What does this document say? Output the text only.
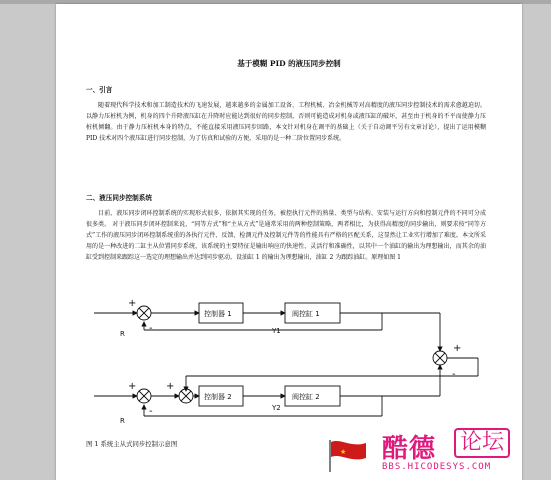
基于模糊 PID 的液压同步控制
一、引言
随着现代科学技术和加工制造技术的飞速发展，越来越多的金属加工设备、工程机械、冶金机械等对高精度的液压同步控制技术的需求愈越迫切。以静力压桩机为例，机身的四个升降液压缸在升降时应能达到很好的同步控制，否则可能造成对机身或液压缸的破坏，甚至由于机身的不平而使静力压桩机倾翻。由于静力压桩机本身的特点，不能直接采用液压同步回路，本文针对机身在调平的基础上（关于自动调平另有文章讨论），提出了运用模糊 PID 技术对四个液压缸进行同步控制，为了仿真和试验的方便，采用的是一种二阶位置同步系统。
二、液压同步控制系统
目前，液压同步闭环控制系统的实现形式很多，依据其实现的任务，被控执行元件的熟量、类型与结构、安装与运行方向和控制元件的不同可分成很多类。 对于液压同步闭环控制来说，“同等方式”和“主从方式”是通常采用的两种控制策略，两者相比，为获得高精度的同步输出，则要求按“同等方式”工作的液压同步闭环控制系统重的各执行元件、反馈、检测元件及控制元件等的性能具有严格的匹配关系，这显然让工业实行增加了难度。本文所采用的是一种改进的二缸主从位置同步系统，该系统的主要特征是输出响应的快速性、灵活行和准确性，以其中一个油缸的输出为理想输出，而其余的油缸受到控制来跟踪这一选定的理想输出并达到同步驱动。设油缸 1 的输出为理想输出，油缸 2 为跟踪油缸。原理如图 1
R
R
控制器 1	阀控缸 1
控制器 2	阀控缸 2
Y1
Y2
+
-
+
-
+	+
-
图 1 系统主从式同步控制示意图
★ 酷德 论坛
BBS.HICODESYS.COM
